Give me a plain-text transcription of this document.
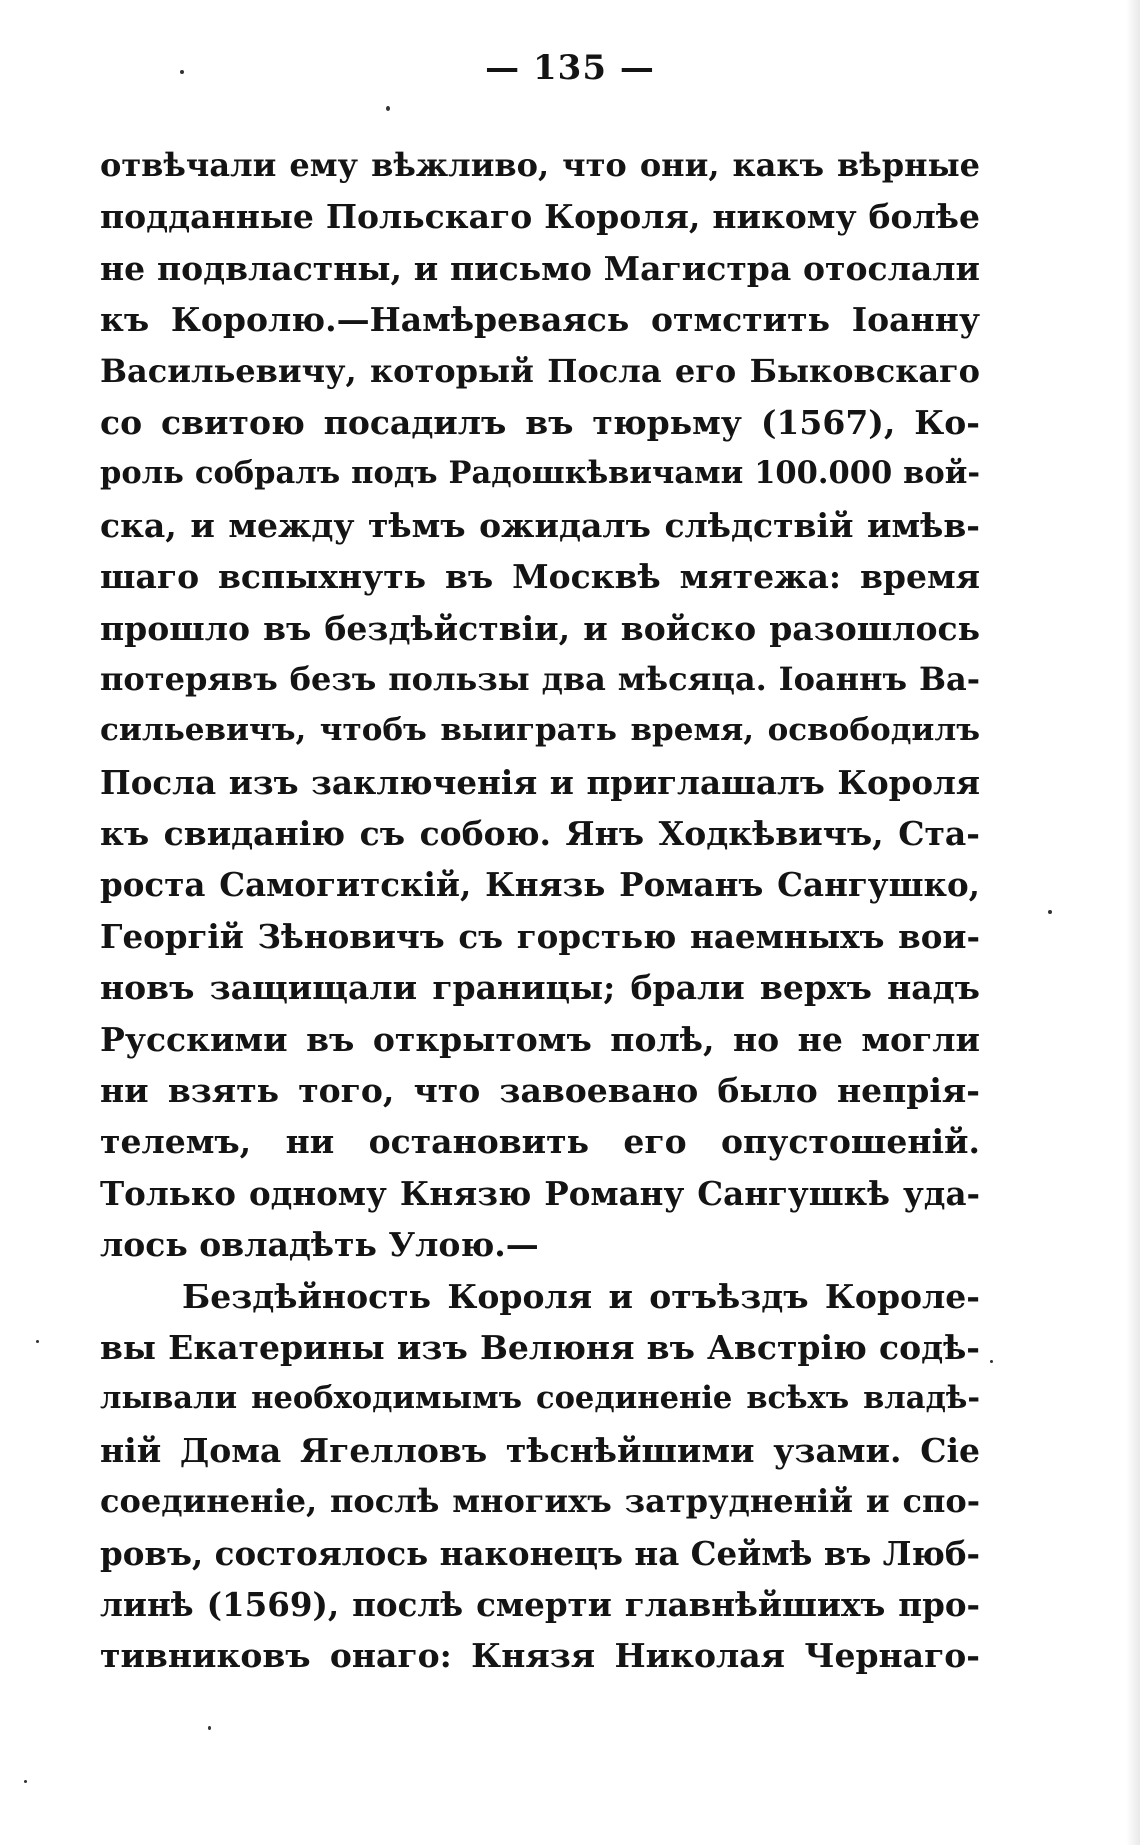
— 135 —
отвѣчали ему вѣжливо, что они, какъ вѣрные
подданные Польскаго Короля, никому болѣе
не подвластны, и письмо Магистра отослали
къ Королю.—Намѣреваясь отмстить Іоанну
Васильевичу, который Посла его Быковскаго
со свитою посадилъ въ тюрьму (1567), Ко-
роль собралъ подъ Радошкѣвичами 100.000 вой-
ска, и между тѣмъ ожидалъ слѣдствій имѣв-
шаго вспыхнуть въ Москвѣ мятежа: время
прошло въ бездѣйствіи, и войско разошлось
потерявъ безъ пользы два мѣсяца. Іоаннъ Ва-
сильевичъ, чтобъ выиграть время, освободилъ
Посла изъ заключенія и приглашалъ Короля
къ свиданію съ собою. Янъ Ходкѣвичъ, Ста-
роста Самогитскій, Князь Романъ Сангушко,
Георгій Зѣновичъ съ горстью наемныхъ вои-
новъ защищали границы; брали верхъ надъ
Русскими въ открытомъ полѣ, но не могли
ни взять того, что завоевано было непрія-
телемъ, ни остановить его опустошеній.
Только одному Князю Роману Сангушкѣ уда-
лось овладѣть Улою.—
Бездѣйность Короля и отъѣздъ Короле-
вы Екатерины изъ Велюня въ Австрію содѣ-
лывали необходимымъ соединеніе всѣхъ владѣ-
ній Дома Ягелловъ тѣснѣйшими узами. Сіе
соединеніе, послѣ многихъ затрудненій и спо-
ровъ, состоялось наконецъ на Сеймѣ въ Люб-
линѣ (1569), послѣ смерти главнѣйшихъ про-
тивниковъ онаго: Князя Николая Чернаго-
